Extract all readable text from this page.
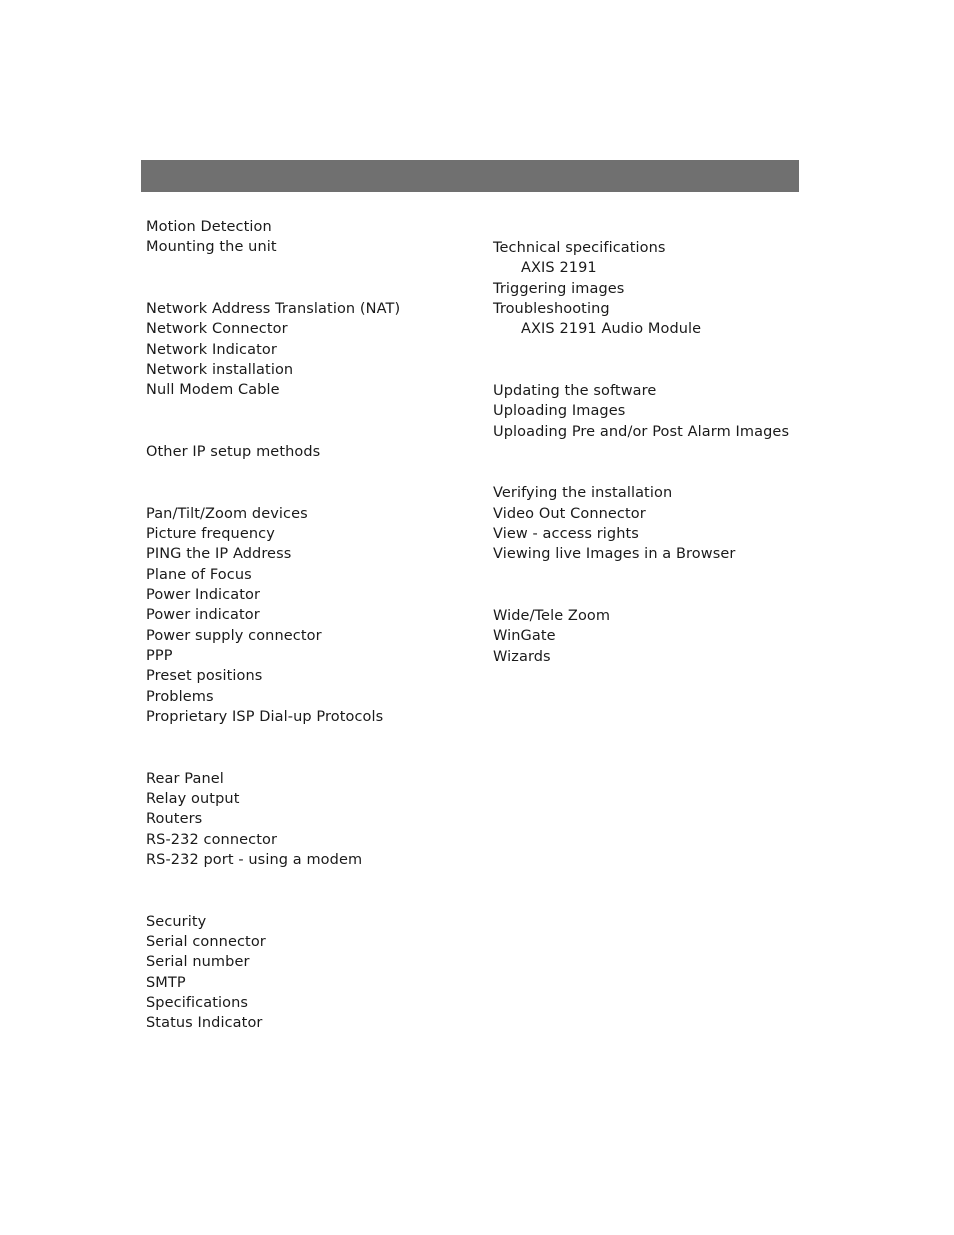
Motion Detection
Mounting the unit
Network Address Translation (NAT)
Network Connector
Network Indicator
Network installation
Null Modem Cable
Other IP setup methods
Pan/Tilt/Zoom devices
Picture frequency
PING the IP Address
Plane of Focus
Power Indicator
Power indicator
Power supply connector
PPP
Preset positions
Problems
Proprietary ISP Dial-up Protocols
Rear Panel
Relay output
Routers
RS-232 connector
RS-232 port - using a modem
Security
Serial connector
Serial number
SMTP
Specifications
Status Indicator
Technical specifications
AXIS 2191
Triggering images
Troubleshooting
AXIS 2191 Audio Module
Updating the software
Uploading Images
Uploading Pre and/or Post Alarm Images
Verifying the installation
Video Out Connector
View - access rights
Viewing live Images in a Browser
Wide/Tele Zoom
WinGate
Wizards
